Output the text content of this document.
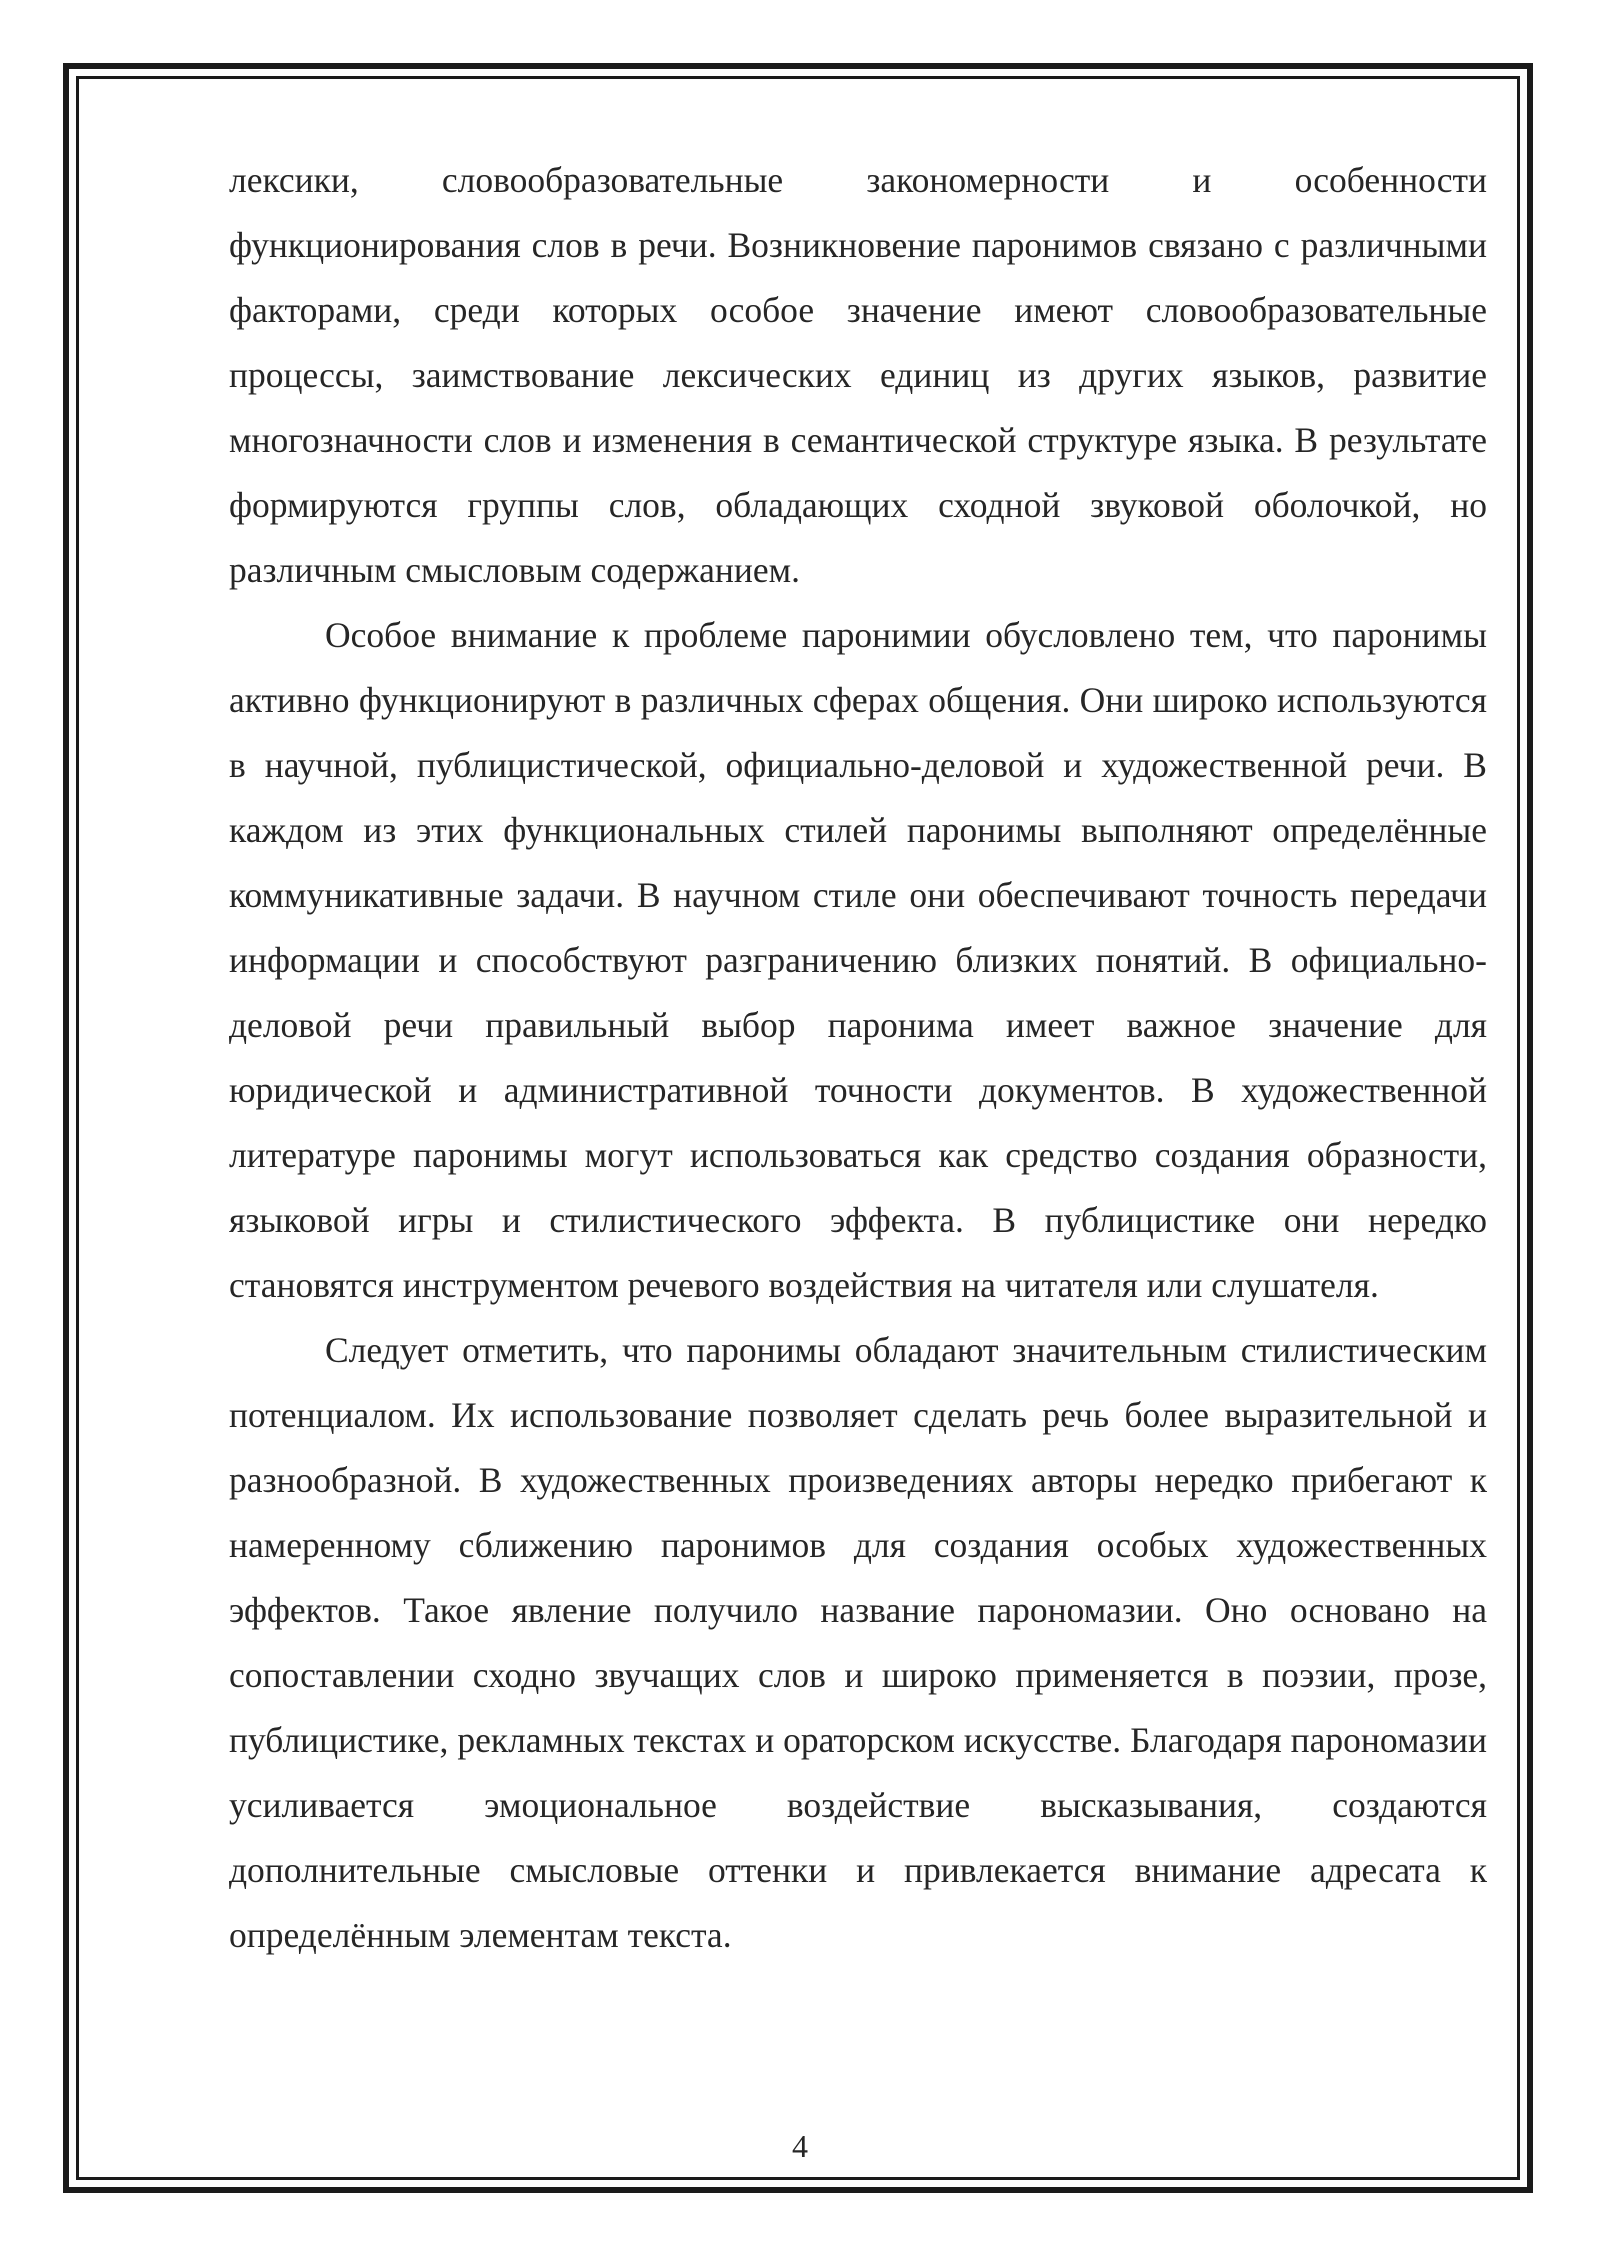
лексики, словообразовательные закономерности и особенности функционирования слов в речи. Возникновение паронимов связано с различными факторами, среди которых особое значение имеют словообразовательные процессы, заимствование лексических единиц из других языков, развитие многозначности слов и изменения в семантической структуре языка. В результате формируются группы слов, обладающих сходной звуковой оболочкой, но различным смысловым содержанием.

Особое внимание к проблеме паронимии обусловлено тем, что паронимы активно функционируют в различных сферах общения. Они широко используются в научной, публицистической, официально-деловой и художественной речи. В каждом из этих функциональных стилей паронимы выполняют определённые коммуникативные задачи. В научном стиле они обеспечивают точность передачи информации и способствуют разграничению близких понятий. В официально-деловой речи правильный выбор паронима имеет важное значение для юридической и административной точности документов. В художественной литературе паронимы могут использоваться как средство создания образности, языковой игры и стилистического эффекта. В публицистике они нередко становятся инструментом речевого воздействия на читателя или слушателя.

Следует отметить, что паронимы обладают значительным стилистическим потенциалом. Их использование позволяет сделать речь более выразительной и разнообразной. В художественных произведениях авторы нередко прибегают к намеренному сближению паронимов для создания особых художественных эффектов. Такое явление получило название парономазии. Оно основано на сопоставлении сходно звучащих слов и широко применяется в поэзии, прозе, публицистике, рекламных текстах и ораторском искусстве. Благодаря парономазии усиливается эмоциональное воздействие высказывания, создаются дополнительные смысловые оттенки и привлекается внимание адресата к определённым элементам текста.

4
